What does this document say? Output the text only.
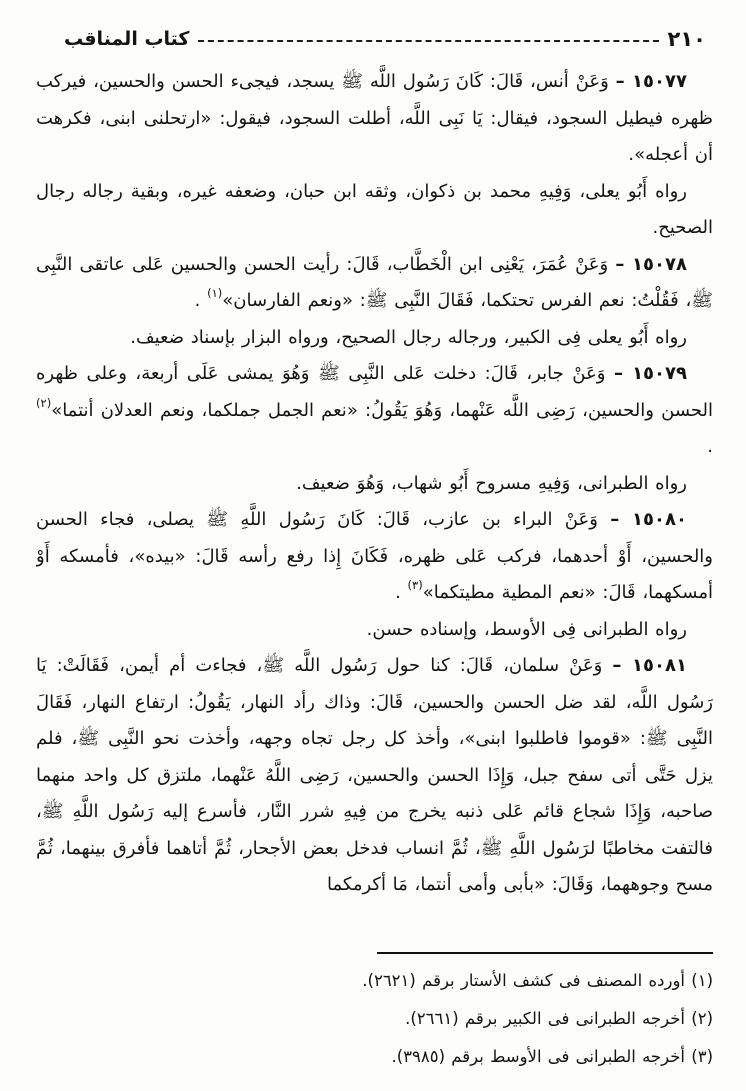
٢١٠
كتاب المناقب

١٥٠٧٧ – وَعَنْ أنس، قَالَ: كَانَ رَسُول اللَّه ﷺ يسجد، فيجىء الحسن والحسين، فيركب ظهره فيطيل السجود، فيقال: يَا نَبِى اللَّه، أطلت السجود، فيقول: «ارتحلنى ابنى، فكرهت أن أعجله».

رواه أَبُو يعلى، وَفِيهِ محمد بن ذكوان، وثقه ابن حبان، وضعفه غيره، وبقية رجاله رجال الصحيح.

١٥٠٧٨ – وَعَنْ عُمَرَ، يَعْنِى ابن الْخَطَّاب، قَالَ: رأيت الحسن والحسين عَلى عاتقى النَّبِى ﷺ، فَقُلْتُ: نعم الفرس تحتكما، فَقَالَ النَّبِى ﷺ: «ونعم الفارسان»$^{(١)}$ .

رواه أَبُو يعلى فِى الكبير، ورجاله رجال الصحيح، ورواه البزار بإسناد ضعيف.

١٥٠٧٩ – وَعَنْ جابر، قَالَ: دخلت عَلى النَّبِى ﷺ وَهُوَ يمشى عَلَى أربعة، وعلى ظهره الحسن والحسين، رَضِى اللَّه عَنْهما، وَهُوَ يَقُولُ: «نعم الجمل جملكما، ونعم العدلان أنتما»$^{(٢)}$ .

رواه الطبرانى، وَفِيهِ مسروح أَبُو شهاب، وَهُوَ ضعيف.

١٥٠٨٠ – وَعَنْ البراء بن عازب، قَالَ: كَانَ رَسُول اللَّهِ ﷺ يصلى، فجاء الحسن والحسين، أَوْ أحدهما، فركب عَلى ظهره، فَكَانَ إِذا رفع رأسه قَالَ: «بيده»، فأمسكه أَوْ أمسكهما، قَالَ: «نعم المطية مطيتكما»$^{(٣)}$ .

رواه الطبرانى فِى الأوسط، وإسناده حسن.

١٥٠٨١ – وَعَنْ سلمان، قَالَ: كنا حول رَسُول اللَّه ﷺ، فجاءت أم أيمن، فَقَالَتْ: يَا رَسُول اللَّه، لقد ضل الحسن والحسين، قَالَ: وذاك رأد النهار، يَقُولُ: ارتفاع النهار، فَقَالَ النَّبِى ﷺ: «قوموا فاطلبوا ابنى»، وأخذ كل رجل تجاه وجهه، وأخذت نحو النَّبِى ﷺ، فلم يزل حَتَّى أتى سفح جبل، وَإِذَا الحسن والحسين، رَضِى اللَّهُ عَنْهما، ملتزق كل واحد منهما صاحبه، وَإِذَا شجاع قائم عَلى ذنبه يخرج من فِيهِ شرر النَّار، فأسرع إليه رَسُول اللَّهِ ﷺ، فالتفت مخاطبًا لرَسُول اللَّهِ ﷺ، ثُمَّ انساب فدخل بعض الأجحار، ثُمَّ أتاهما فأفرق بينهما، ثُمَّ مسح وجوههما، وَقَالَ: «بأبى وأمى أنتما، مَا أكرمكما

(١) أورده المصنف فى كشف الأستار برقم (٢٦٢١).

(٢) أخرجه الطبرانى فى الكبير برقم (٢٦٦١).

(٣) أخرجه الطبرانى فى الأوسط برقم (٣٩٨٥).
